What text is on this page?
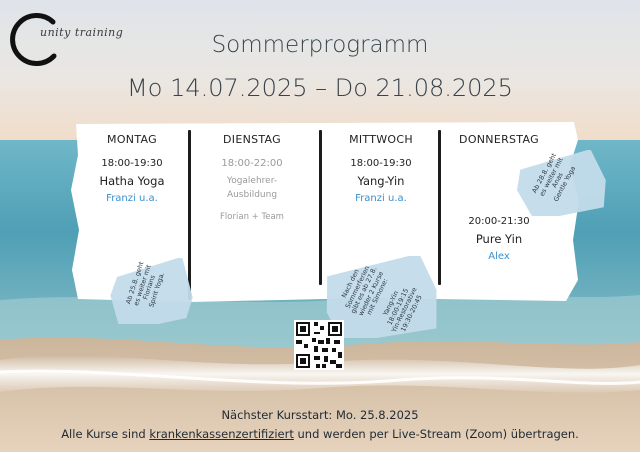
unity training	Sommerprogramm
Mo 14.07.2025 – Do 21.08.2025
MONTAG
18:00-19:30
Hatha Yoga
Franzi u.a.
DIENSTAG
18:00-22:00
Yogalehrer-
Ausbildung
Florian + Team
MITTWOCH
18:00-19:30
Yang-Yin
Franzi u.a.
DONNERSTAG
20:00-21:30
Pure Yin
Alex
Ab 25.8. geht
es weiter mit
Florians
Spirit Yoga.	Nach den
Sommerferien
gibt es ab 27.8.
wieder 2 Kurse
mit Simone:

Yang-Yin
18:00-19:15
Yin-Restorative
19:30-20:45
Ab 28.8. geht
es weiter mit
Anas
Gentle Yoga
Nächster Kursstart: Mo. 25.8.2025
Alle Kurse sind krankenkassenzertifiziert und werden per Live-Stream (Zoom) übertragen.
